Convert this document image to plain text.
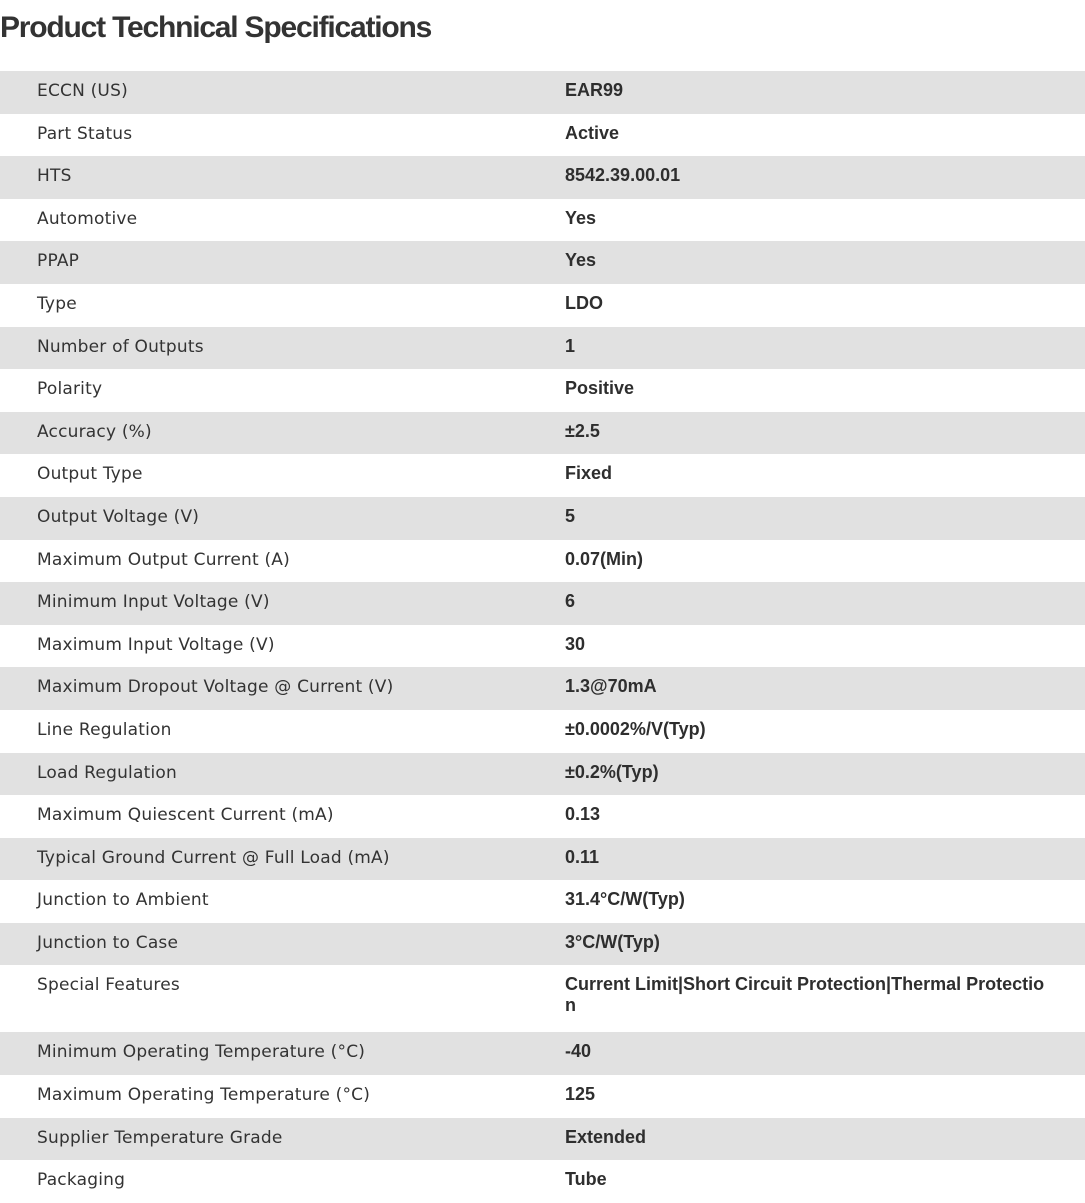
Product Technical Specifications
ECCN (US)	EAR99
Part Status	Active
HTS	8542.39.00.01
Automotive	Yes
PPAP	Yes
Type	LDO
Number of Outputs	1
Polarity	Positive
Accuracy (%)	±2.5
Output Type	Fixed
Output Voltage (V)	5
Maximum Output Current (A)	0.07(Min)
Minimum Input Voltage (V)	6
Maximum Input Voltage (V)	30
Maximum Dropout Voltage @ Current (V)	1.3@70mA
Line Regulation	±0.0002%/V(Typ)
Load Regulation	±0.2%(Typ)
Maximum Quiescent Current (mA)	0.13
Typical Ground Current @ Full Load (mA)	0.11
Junction to Ambient	31.4°C/W(Typ)
Junction to Case	3°C/W(Typ)
Special Features	Current Limit|Short Circuit Protection|Thermal Protection
Minimum Operating Temperature (°C)	-40
Maximum Operating Temperature (°C)	125
Supplier Temperature Grade	Extended
Packaging	Tube
